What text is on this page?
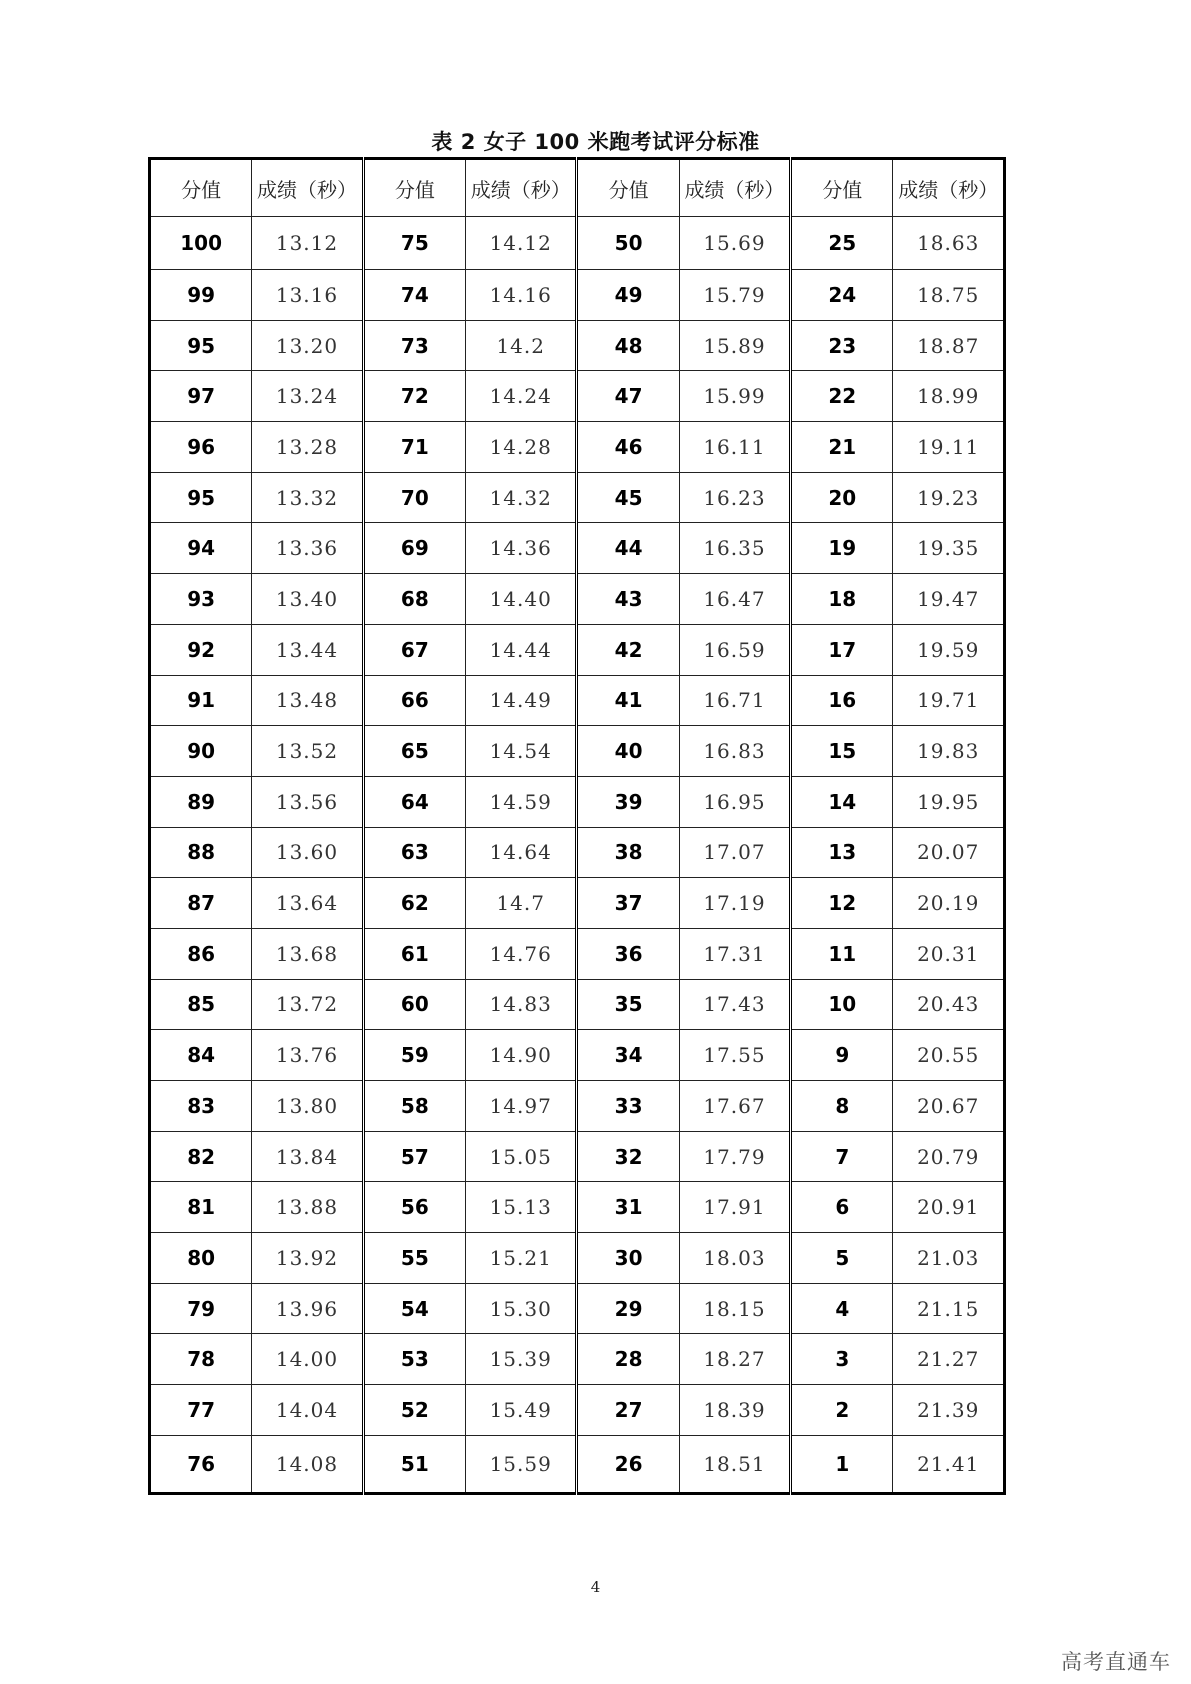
表 2 女子 100 米跑考试评分标准
分值	成绩（秒）	分值	成绩（秒）	分值	成绩（秒）	分值	成绩（秒）
100	13.12	75	14.12	50	15.69	25	18.63
99	13.16	74	14.16	49	15.79	24	18.75
95	13.20	73	14.2	48	15.89	23	18.87
97	13.24	72	14.24	47	15.99	22	18.99
96	13.28	71	14.28	46	16.11	21	19.11
95	13.32	70	14.32	45	16.23	20	19.23
94	13.36	69	14.36	44	16.35	19	19.35
93	13.40	68	14.40	43	16.47	18	19.47
92	13.44	67	14.44	42	16.59	17	19.59
91	13.48	66	14.49	41	16.71	16	19.71
90	13.52	65	14.54	40	16.83	15	19.83
89	13.56	64	14.59	39	16.95	14	19.95
88	13.60	63	14.64	38	17.07	13	20.07
87	13.64	62	14.7	37	17.19	12	20.19
86	13.68	61	14.76	36	17.31	11	20.31
85	13.72	60	14.83	35	17.43	10	20.43
84	13.76	59	14.90	34	17.55	9	20.55
83	13.80	58	14.97	33	17.67	8	20.67
82	13.84	57	15.05	32	17.79	7	20.79
81	13.88	56	15.13	31	17.91	6	20.91
80	13.92	55	15.21	30	18.03	5	21.03
79	13.96	54	15.30	29	18.15	4	21.15
78	14.00	53	15.39	28	18.27	3	21.27
77	14.04	52	15.49	27	18.39	2	21.39
76	14.08	51	15.59	26	18.51	1	21.41
4
高考直通车
